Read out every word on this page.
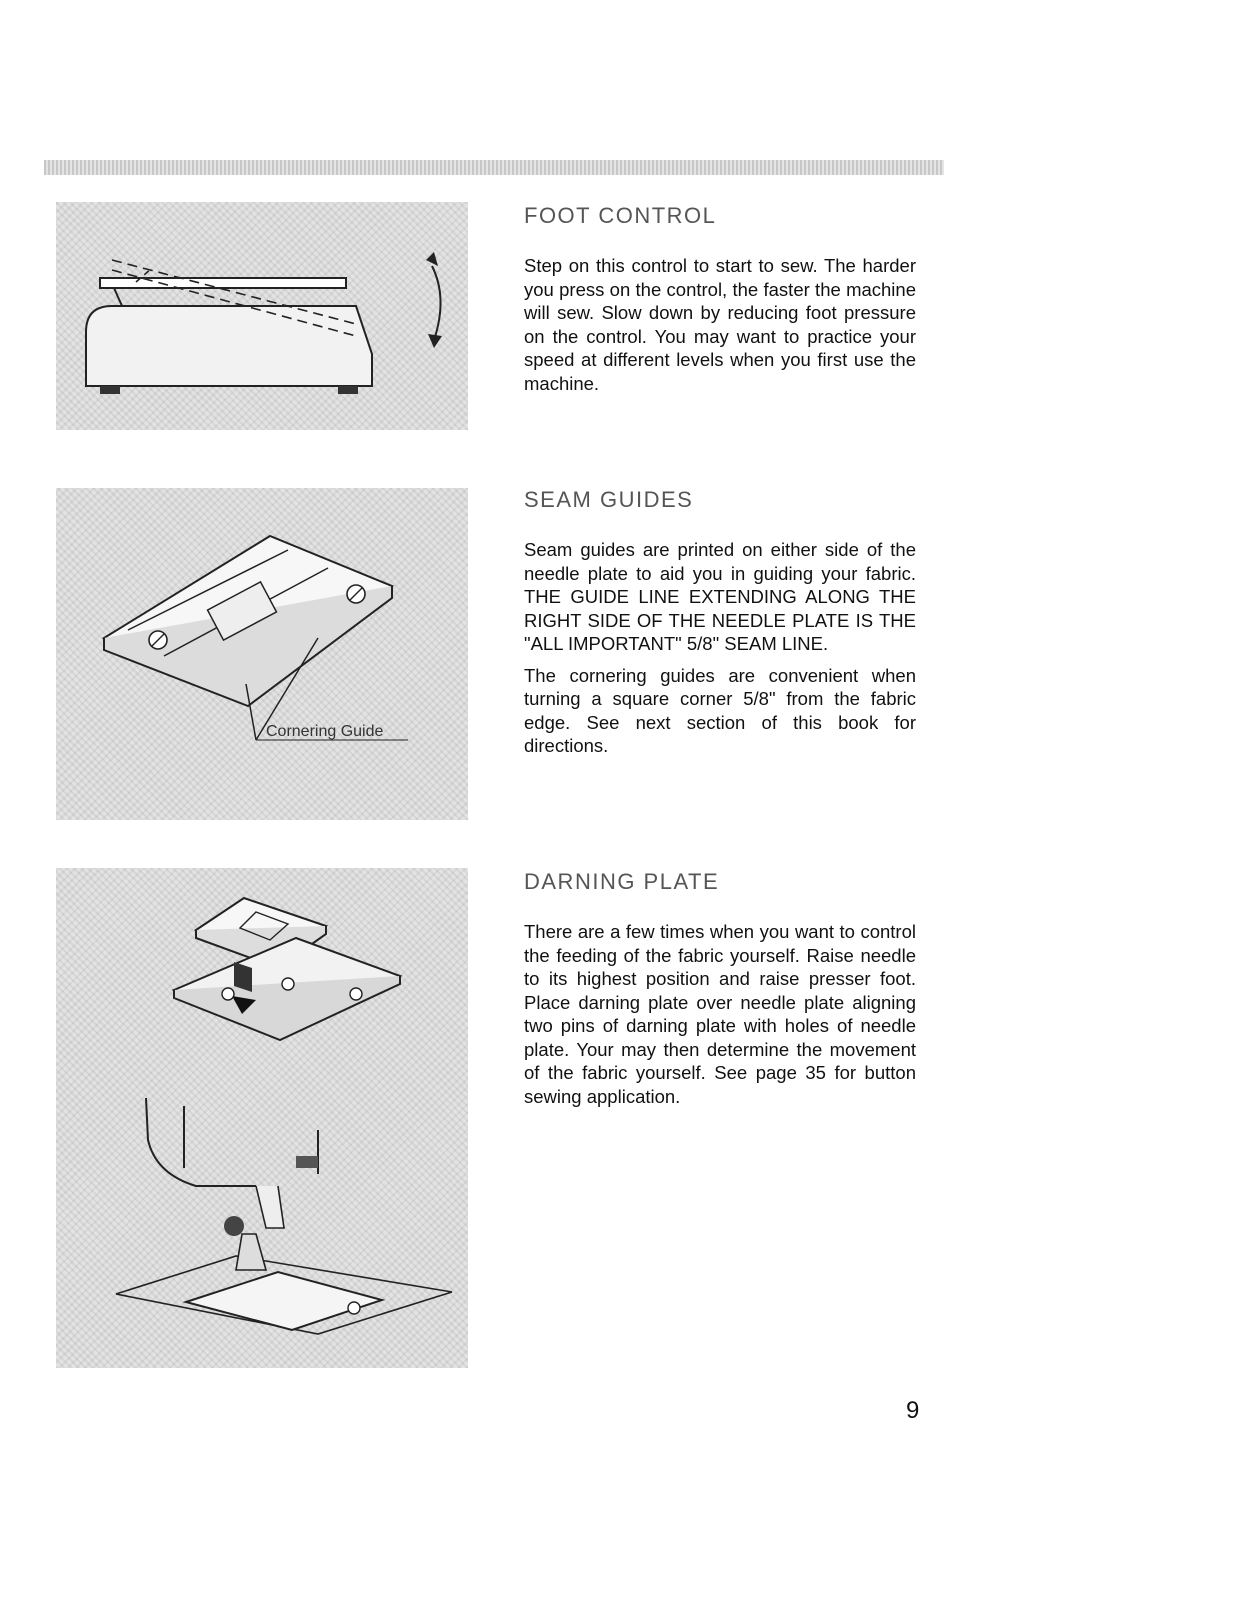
Cornering Guide
FOOT CONTROL

Step on this control to start to sew. The harder you press on the control, the faster the machine will sew. Slow down by reducing foot pressure on the control. You may want to practice your speed at different levels when you first use the machine.

SEAM GUIDES

Seam guides are printed on either side of the needle plate to aid you in guiding your fabric. THE GUIDE LINE EXTENDING ALONG THE RIGHT SIDE OF THE NEEDLE PLATE IS THE "ALL IMPORTANT" 5/8" SEAM LINE.

The cornering guides are convenient when turning a square corner 5/8" from the fabric edge. See next section of this book for directions.

DARNING PLATE

There are a few times when you want to control the feeding of the fabric yourself. Raise needle to its highest position and raise presser foot. Place darning plate over needle plate aligning two pins of darning plate with holes of needle plate. Your may then determine the movement of the fabric yourself. See page 35 for button sewing application.

9
